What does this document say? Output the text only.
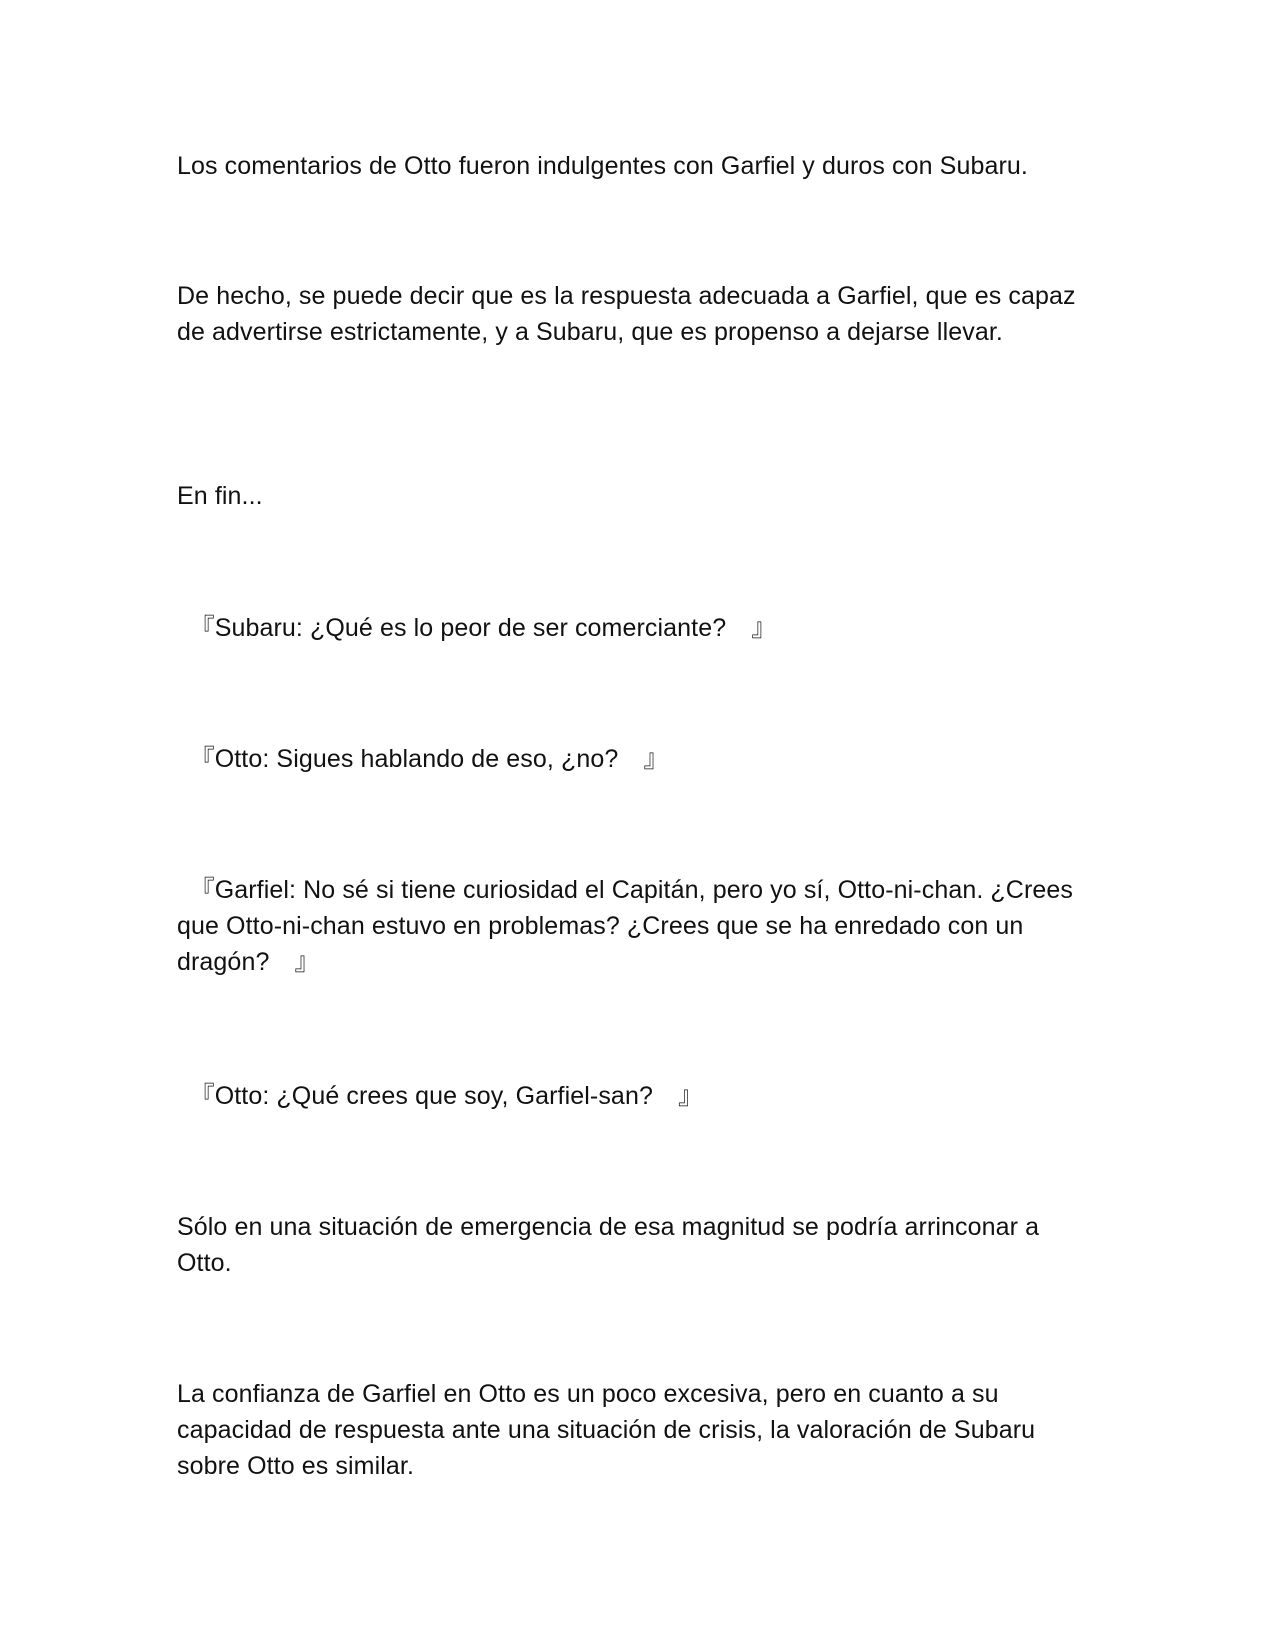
Los comentarios de Otto fueron indulgentes con Garfiel y duros con Subaru.

De hecho, se puede decir que es la respuesta adecuada a Garfiel, que es capaz de advertirse estrictamente, y a Subaru, que es propenso a dejarse llevar.

En fin...

　『Subaru: ¿Qué es lo peor de ser comerciante?　』

　『Otto: Sigues hablando de eso, ¿no?　』

　『Garfiel: No sé si tiene curiosidad el Capitán, pero yo sí, Otto-ni-chan. ¿Crees que Otto-ni-chan estuvo en problemas? ¿Crees que se ha enredado con un dragón?　』

　『Otto: ¿Qué crees que soy, Garfiel-san?　』

Sólo en una situación de emergencia de esa magnitud se podría arrinconar a Otto.

La confianza de Garfiel en Otto es un poco excesiva, pero en cuanto a su capacidad de respuesta ante una situación de crisis, la valoración de Subaru sobre Otto es similar.
